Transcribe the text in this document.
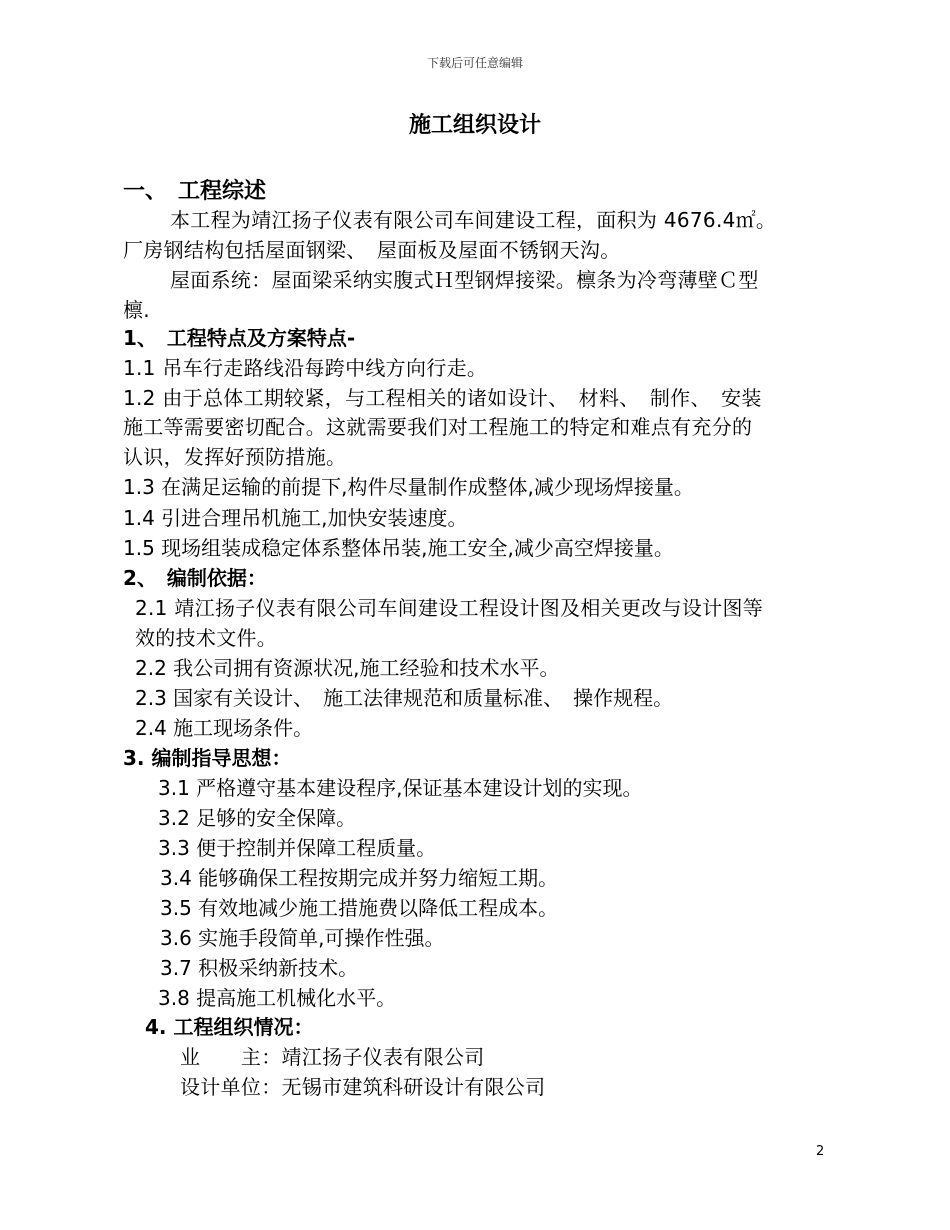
下载后可任意编辑
施工组织设计
一、　工程综述
本工程为靖江扬子仪表有限公司车间建设工程，面积为 4676.4㎡。
厂房钢结构包括屋面钢梁、　屋面板及屋面不锈钢天沟。
屋面系统：屋面梁采纳实腹式Ｈ型钢焊接梁。檩条为冷弯薄壁Ｃ型
檩.
1、　工程特点及方案特点-
1.1 吊车行走路线沿每跨中线方向行走。
1.2 由于总体工期较紧，与工程相关的诸如设计、　材料、　制作、　安装
施工等需要密切配合。这就需要我们对工程施工的特定和难点有充分的
认识，发挥好预防措施。
1.3 在满足运输的前提下,构件尽量制作成整体,减少现场焊接量。
1.4 引进合理吊机施工,加快安装速度。
1.5 现场组装成稳定体系整体吊装,施工安全,减少高空焊接量。
2、　编制依据：
2.1 靖江扬子仪表有限公司车间建设工程设计图及相关更改与设计图等
效的技术文件。
2.2 我公司拥有资源状况,施工经验和技术水平。
2.3 国家有关设计、　施工法律规范和质量标准、　操作规程。
2.4 施工现场条件。
3. 编制指导思想：
3.1 严格遵守基本建设程序,保证基本建设计划的实现。
3.2 足够的安全保障。
3.3 便于控制并保障工程质量。
3.4 能够确保工程按期完成并努力缩短工期。
3.5 有效地减少施工措施费以降低工程成本。
3.6 实施手段简单,可操作性强。
3.7 积极采纳新技术。
3.8 提高施工机械化水平。
4. 工程组织情况：
业　　主：靖江扬子仪表有限公司
设计单位：无锡市建筑科研设计有限公司
2
